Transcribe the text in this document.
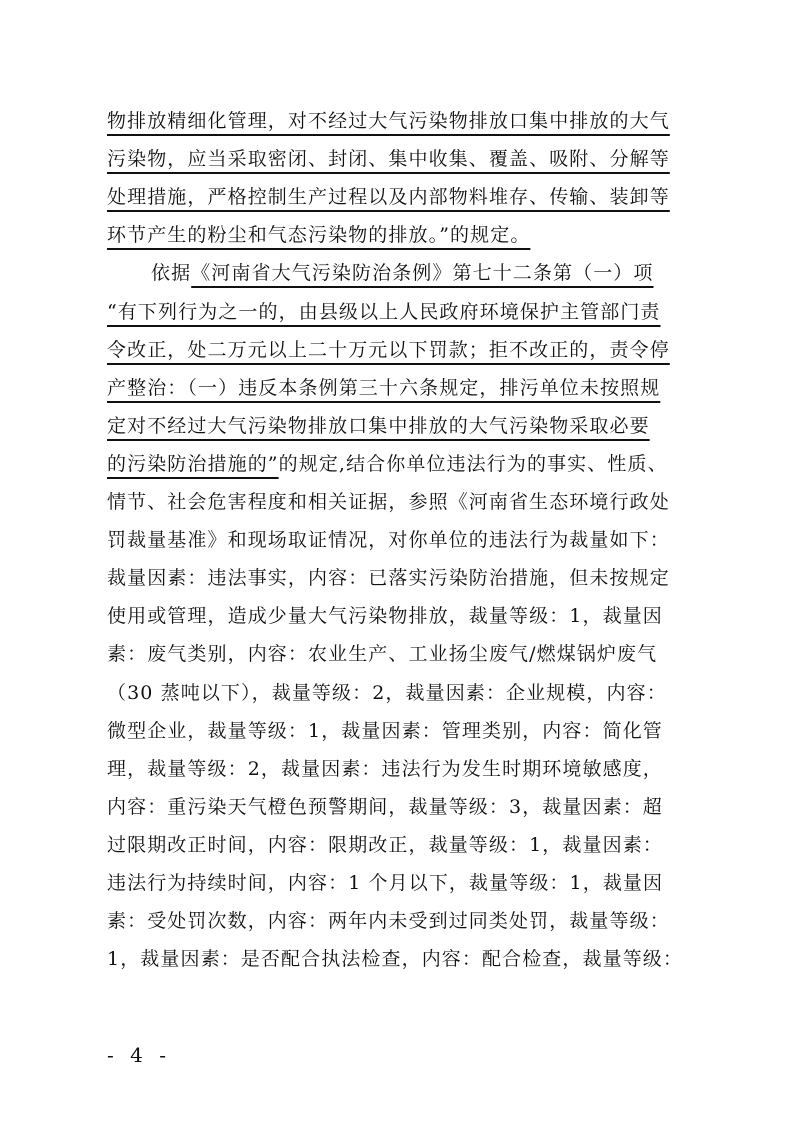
物排放精细化管理，对不经过大气污染物排放口集中排放的大气
污染物，应当采取密闭、封闭、集中收集、覆盖、吸附、分解等
处理措施，严格控制生产过程以及内部物料堆存、传输、装卸等
环节产生的粉尘和气态污染物的排放。”的规定。
依据《河南省大气污染防治条例》第七十二条第（一）项
“有下列行为之一的，由县级以上人民政府环境保护主管部门责
令改正，处二万元以上二十万元以下罚款；拒不改正的，责令停
产整治：（一）违反本条例第三十六条规定，排污单位未按照规
定对不经过大气污染物排放口集中排放的大气污染物采取必要
的污染防治措施的”的规定,结合你单位违法行为的事实、性质、
情节、社会危害程度和相关证据，参照《河南省生态环境行政处
罚裁量基准》和现场取证情况，对你单位的违法行为裁量如下：
裁量因素：违法事实，内容：已落实污染防治措施，但未按规定
使用或管理，造成少量大气污染物排放，裁量等级：1，裁量因
素：废气类别，内容：农业生产、工业扬尘废气/燃煤锅炉废气
（30 蒸吨以下），裁量等级：2，裁量因素：企业规模，内容：
微型企业，裁量等级：1，裁量因素：管理类别，内容：简化管
理，裁量等级：2，裁量因素：违法行为发生时期环境敏感度，
内容：重污染天气橙色预警期间，裁量等级：3，裁量因素：超
过限期改正时间，内容：限期改正，裁量等级：1，裁量因素：
违法行为持续时间，内容：1 个月以下，裁量等级：1，裁量因
素：受处罚次数，内容：两年内未受到过同类处罚，裁量等级：
1，裁量因素：是否配合执法检查，内容：配合检查，裁量等级：
- 4 -
